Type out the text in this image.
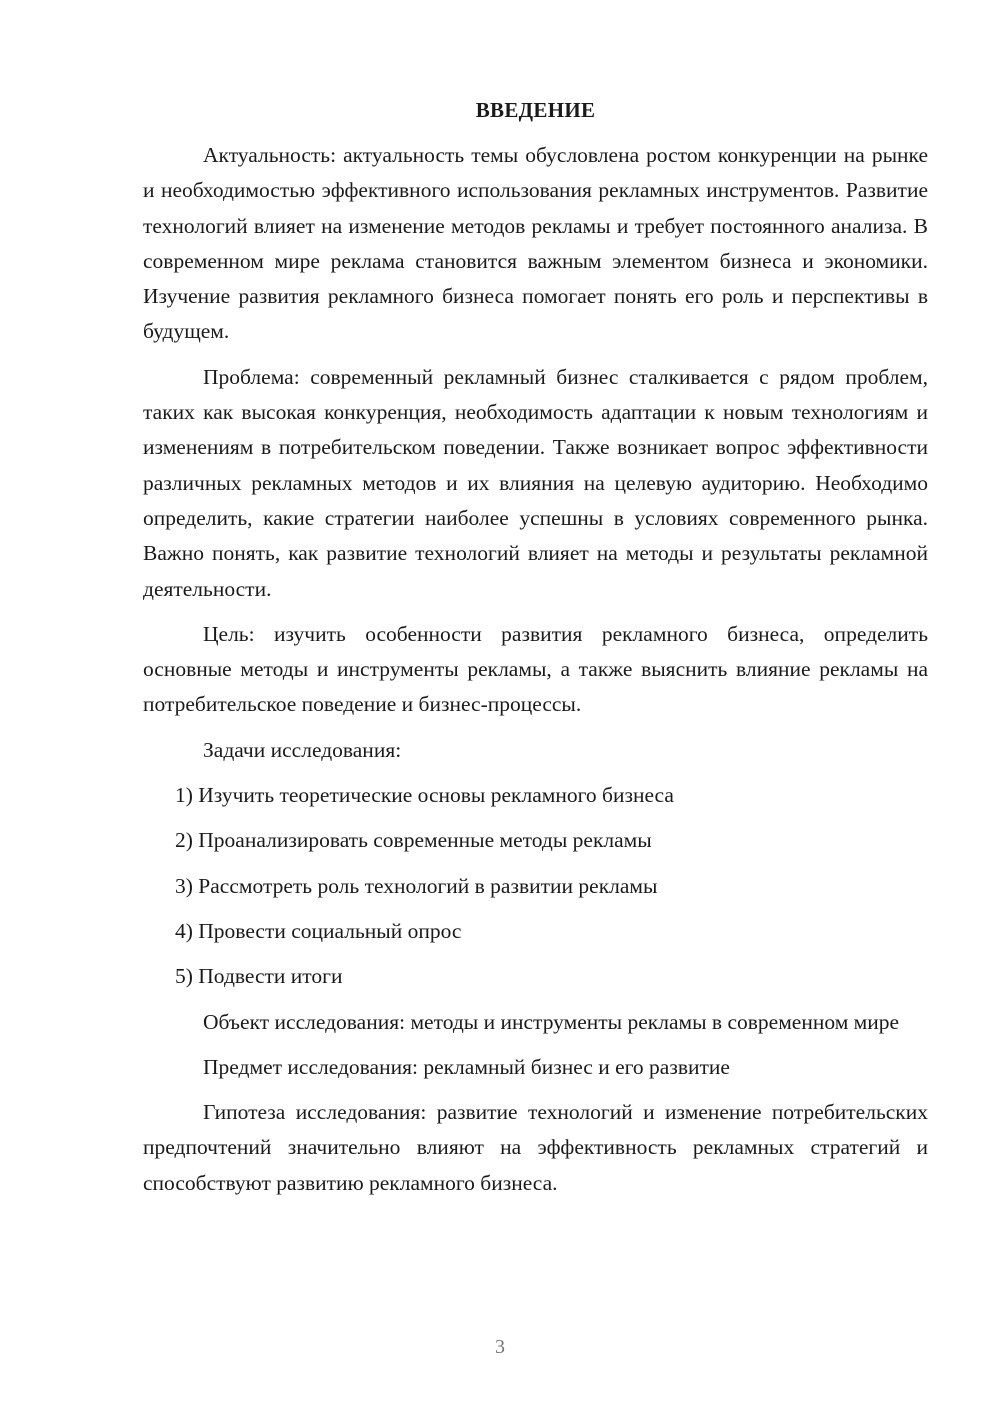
ВВЕДЕНИЕ

Актуальность: актуальность темы обусловлена ростом конкуренции на рынке и необходимостью эффективного использования рекламных инструментов. Развитие технологий влияет на изменение методов рекламы и требует постоянного анализа. В современном мире реклама становится важным элементом бизнеса и экономики. Изучение развития рекламного бизнеса помогает понять его роль и перспективы в будущем.

Проблема: современный рекламный бизнес сталкивается с рядом проблем, таких как высокая конкуренция, необходимость адаптации к новым технологиям и изменениям в потребительском поведении. Также возникает вопрос эффективности различных рекламных методов и их влияния на целевую аудиторию. Необходимо определить, какие стратегии наиболее успешны в условиях современного рынка. Важно понять, как развитие технологий влияет на методы и результаты рекламной деятельности.

Цель: изучить особенности развития рекламного бизнеса, определить основные методы и инструменты рекламы, а также выяснить влияние рекламы на потребительское поведение и бизнес-процессы.

Задачи исследования:

1) Изучить теоретические основы рекламного бизнеса
2) Проанализировать современные методы рекламы
3) Рассмотреть роль технологий в развитии рекламы
4) Провести социальный опрос
5) Подвести итоги

Объект исследования: методы и инструменты рекламы в современном мире

Предмет исследования: рекламный бизнес и его развитие

Гипотеза исследования: развитие технологий и изменение потребительских предпочтений значительно влияют на эффективность рекламных стратегий и способствуют развитию рекламного бизнеса.

3
